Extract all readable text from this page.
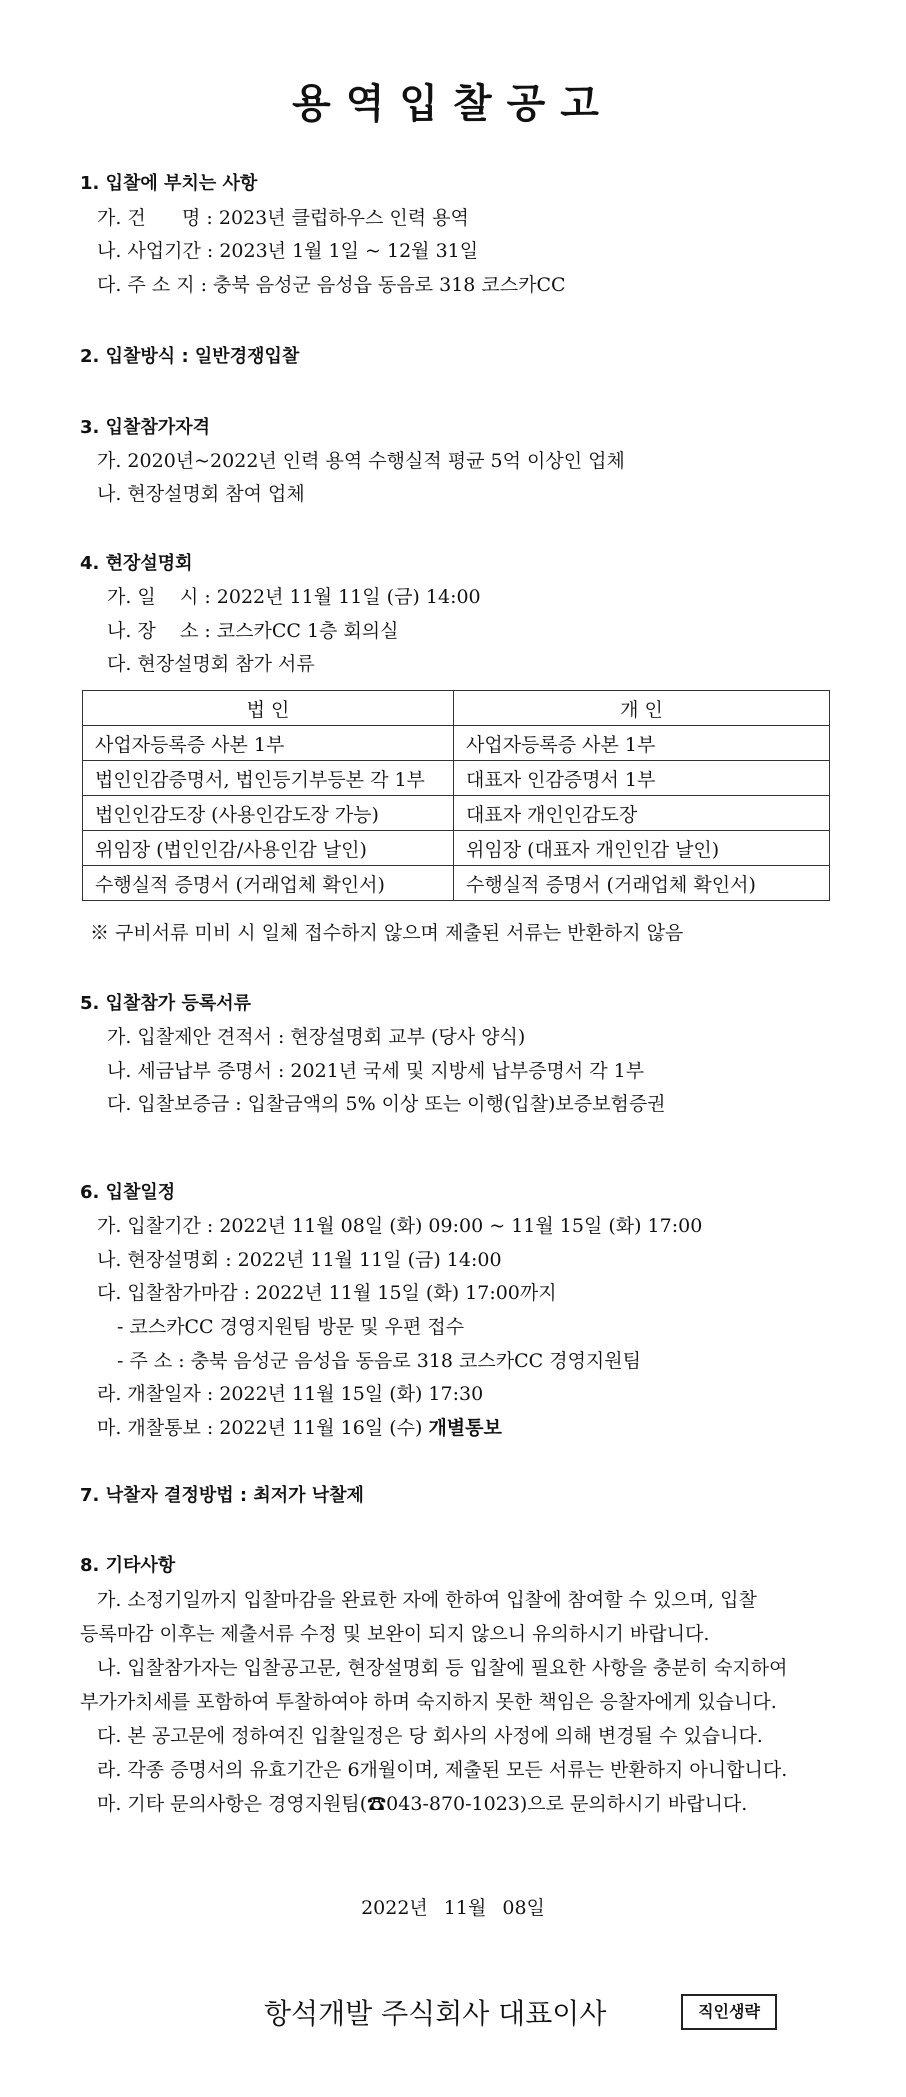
용역입찰공고
1. 입찰에 부치는 사항
가. 건      명 : 2023년 클럽하우스 인력 용역
나. 사업기간 : 2023년 1월 1일 ~ 12월 31일
다. 주 소 지 : 충북 음성군 음성읍 동음로 318 코스카CC
2. 입찰방식 : 일반경쟁입찰
3. 입찰참가자격
가. 2020년~2022년 인력 용역 수행실적 평균 5억 이상인 업체
나. 현장설명회 참여 업체
4. 현장설명회
가. 일    시 : 2022년 11월 11일 (금) 14:00
나. 장    소 : 코스카CC 1층 회의실
다. 현장설명회 참가 서류
법 인	개 인
사업자등록증 사본 1부	사업자등록증 사본 1부
법인인감증명서, 법인등기부등본 각 1부	대표자 인감증명서 1부
법인인감도장 (사용인감도장 가능)	대표자 개인인감도장
위임장 (법인인감/사용인감 날인)	위임장 (대표자 개인인감 날인)
수행실적 증명서 (거래업체 확인서)	수행실적 증명서 (거래업체 확인서)
※ 구비서류 미비 시 일체 접수하지 않으며 제출된 서류는 반환하지 않음
5. 입찰참가 등록서류
가. 입찰제안 견적서 : 현장설명회 교부 (당사 양식)
나. 세금납부 증명서 : 2021년 국세 및 지방세 납부증명서 각 1부
다. 입찰보증금 : 입찰금액의 5% 이상 또는 이행(입찰)보증보험증권
6. 입찰일정
가. 입찰기간 : 2022년 11월 08일 (화) 09:00 ~ 11월 15일 (화) 17:00
나. 현장설명회 : 2022년 11월 11일 (금) 14:00
다. 입찰참가마감 : 2022년 11월 15일 (화) 17:00까지
- 코스카CC 경영지원팀 방문 및 우편 접수
- 주 소 : 충북 음성군 음성읍 동음로 318 코스카CC 경영지원팀
라. 개찰일자 : 2022년 11월 15일 (화) 17:30
마. 개찰통보 : 2022년 11월 16일 (수) 개별통보
7. 낙찰자 결정방법 : 최저가 낙찰제
8. 기타사항
가. 소정기일까지 입찰마감을 완료한 자에 한하여 입찰에 참여할 수 있으며, 입찰
등록마감 이후는 제출서류 수정 및 보완이 되지 않으니 유의하시기 바랍니다.
나. 입찰참가자는 입찰공고문, 현장설명회 등 입찰에 필요한 사항을 충분히 숙지하여
부가가치세를 포함하여 투찰하여야 하며 숙지하지 못한 책임은 응찰자에게 있습니다.
다. 본 공고문에 정하여진 입찰일정은 당 회사의 사정에 의해 변경될 수 있습니다.
라. 각종 증명서의 유효기간은 6개월이며, 제출된 모든 서류는 반환하지 아니합니다.
마. 기타 문의사항은 경영지원팀(☎043-870-1023)으로 문의하시기 바랍니다.
2022년 11월 08일
항석개발 주식회사 대표이사	직인생략
